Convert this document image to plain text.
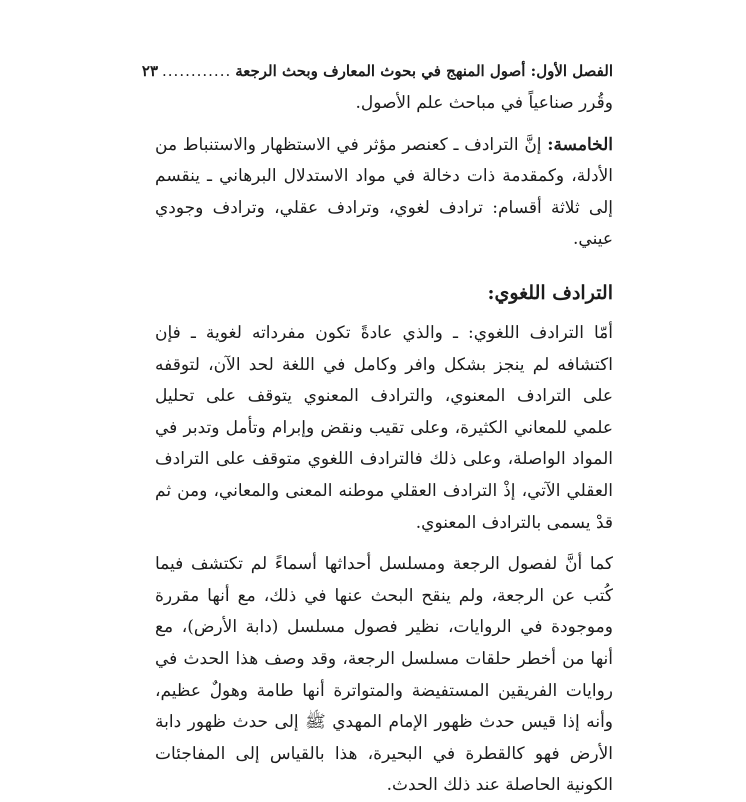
الفصل الأول: أصول المنهج في بحوث المعارف وبحث الرجعة
............
٢٣

وقُرر صناعياً في مباحث علم الأصول.

الخامسة: إنَّ الترادف ـ كعنصر مؤثر في الاستظهار والاستنباط من الأدلة، وكمقدمة ذات دخالة في مواد الاستدلال البرهاني ـ ينقسم إلى ثلاثة أقسام: ترادف لغوي، وترادف عقلي، وترادف وجودي عيني.

الترادف اللغوي:

أمّا الترادف اللغوي: ـ والذي عادةً تكون مفرداته لغوية ـ فإن اكتشافه لم ينجز بشكل وافر وكامل في اللغة لحد الآن، لتوقفه على الترادف المعنوي، والترادف المعنوي يتوقف على تحليل علمي للمعاني الكثيرة، وعلى تقيب ونقض وإبرام وتأمل وتدبر في المواد الواصلة، وعلى ذلك فالترادف اللغوي متوقف على الترادف العقلي الآتي، إذْ الترادف العقلي موطنه المعنى والمعاني، ومن ثم قدْ يسمى بالترادف المعنوي.

كما أنَّ لفصول الرجعة ومسلسل أحداثها أسماءً لم تكتشف فيما كُتب عن الرجعة، ولم ينقح البحث عنها في ذلك، مع أنها مقررة وموجودة في الروايات، نظير فصول مسلسل (دابة الأرض)، مع أنها من أخطر حلقات مسلسل الرجعة، وقد وصف هذا الحدث في روايات الفريقين المستفيضة والمتواترة أنها طامة وهولٌ عظيم، وأنه إذا قيس حدث ظهور الإمام المهدي ﷺ إلى حدث ظهور دابة الأرض فهو كالقطرة في البحيرة، هذا بالقياس إلى المفاجئات الكونية الحاصلة عند ذلك الحدث.
